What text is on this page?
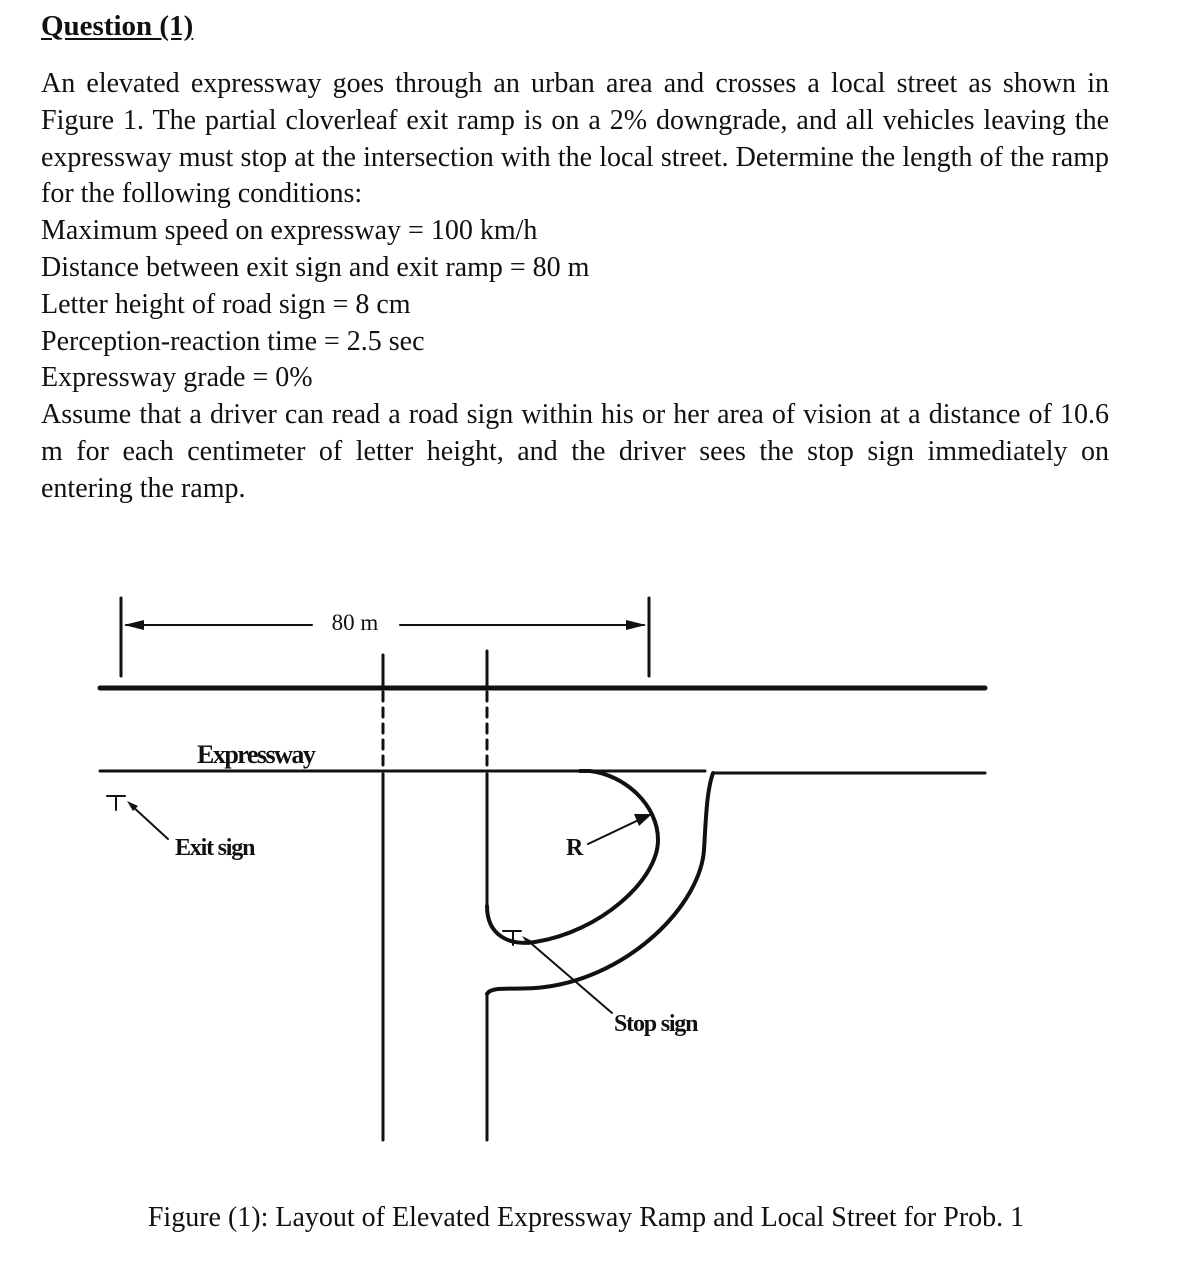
Question (1)
An elevated expressway goes through an urban area and crosses a local street as shown in Figure 1. The partial cloverleaf exit ramp is on a 2% downgrade, and all vehicles leaving the expressway must stop at the intersection with the local street. Determine the length of the ramp for the following conditions:
Maximum speed on expressway = 100 km/h
Distance between exit sign and exit ramp = 80 m
Letter height of road sign = 8 cm
Perception-reaction time = 2.5 sec
Expressway grade = 0%
Assume that a driver can read a road sign within his or her area of vision at a distance of 10.6 m for each centimeter of letter height, and the driver sees the stop sign immediately on entering the ramp.
80 m
Expressway
Exit sign	R
Stop sign
Figure (1): Layout of Elevated Expressway Ramp and Local Street for Prob. 1
